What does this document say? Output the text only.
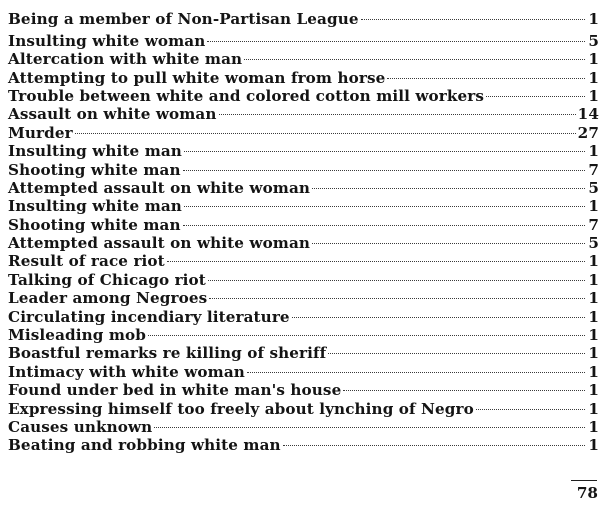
Being a member of Non-Partisan League	1
Insulting white woman	5
Altercation with white man	1
Attempting to pull white woman from horse	1
Trouble between white and colored cotton mill workers	1
Assault on white woman	14
Murder	27
Insulting white man	1
Shooting white man	7
Attempted assault on white woman	5
Insulting white man	1
Shooting white man	7
Attempted assault on white woman	5
Result of race riot	1
Talking of Chicago riot	1
Leader among Negroes	1
Circulating incendiary literature	1
Misleading mob	1
Boastful remarks re killing of sheriff	1
Intimacy with white woman	1
Found under bed in white man's house	1
Expressing himself too freely about lynching of Negro	1
Causes unknown	1
Beating and robbing white man	1
78
